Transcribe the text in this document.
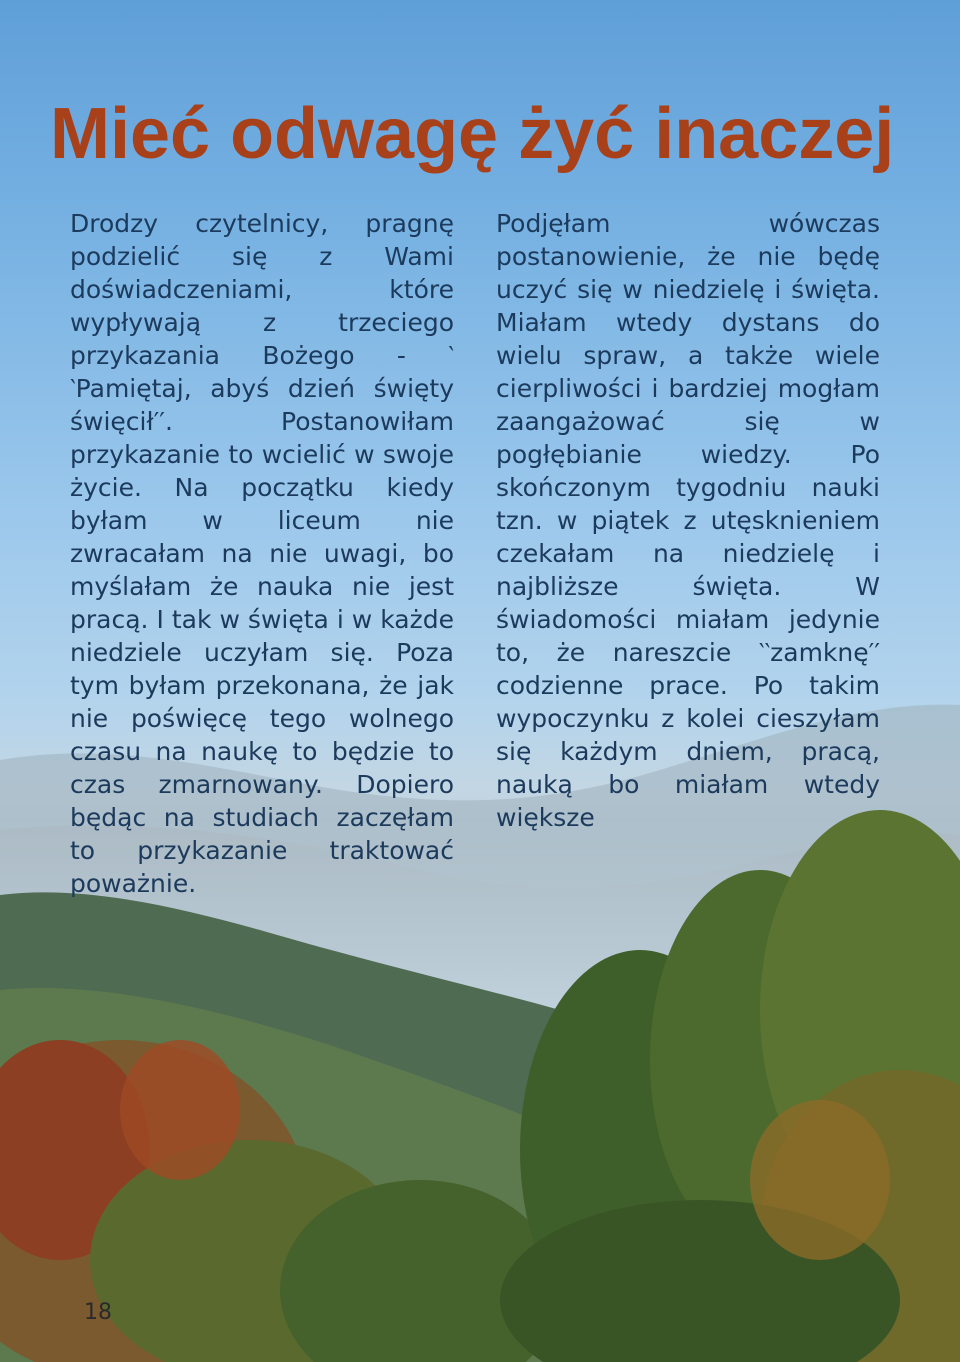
Mieć odwagę żyć inaczej

Drodzy czytelnicy, pragnę podzielić się z Wami doświadczeniami, które wypływają z trzeciego przykazania Bożego - ‵‵Pamiętaj, abyś dzień święty święcił′′. Postanowiłam przykazanie to wcielić w swoje życie. Na początku kiedy byłam w liceum nie zwracałam na nie uwagi, bo myślałam że nauka nie jest pracą. I tak w święta i w każde niedziele uczyłam się. Poza tym byłam przekonana, że jak nie poświęcę tego wolnego czasu na naukę to będzie to czas zmarnowany. Dopiero będąc na studiach zaczęłam to przykazanie traktować poważnie.

Podjęłam wówczas postanowienie, że nie będę uczyć się w niedzielę i święta. Miałam wtedy dystans do wielu spraw, a także wiele cierpliwości i bardziej mogłam zaangażować się w pogłębianie wiedzy. Po skończonym tygodniu nauki tzn. w piątek z utęsknieniem czekałam na niedzielę i najbliższe święta. W świadomości miałam jedynie to, że nareszcie ‵‵zamknę′′ codzienne prace. Po takim wypoczynku z kolei cieszyłam się każdym dniem, pracą, nauką bo miałam wtedy większe

18
